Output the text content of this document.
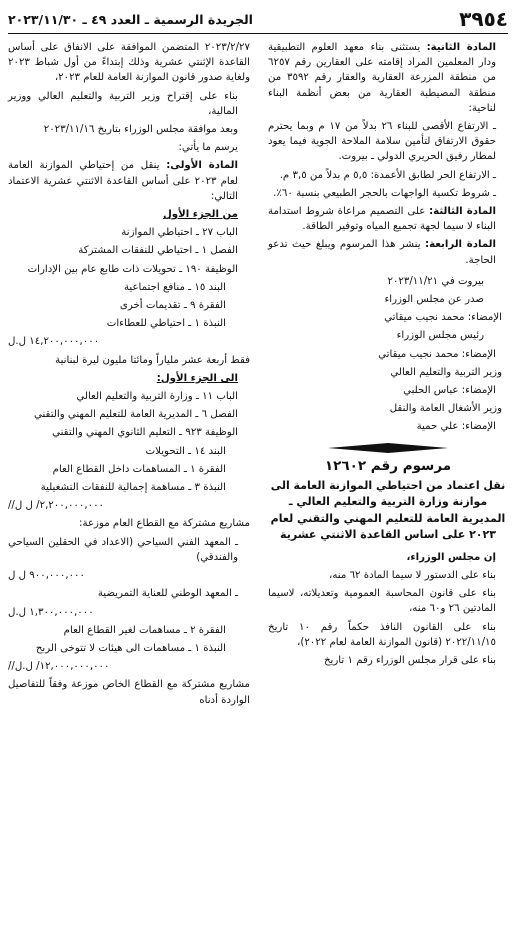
٣٩٥٤
الجريدة الرسمية ـ العدد ٤٩ ـ ٢٠٢٣/١١/٣٠

المادة الثانية: يستثنى بناء معهد العلوم التطبيقية ودار المعلمين المراد إقامته على العقارين رقم ٦٢٥٧ من منطقة المزرعة العقارية والعقار رقم ٣٥٩٢ من منطقة المصيطبة العقارية من بعض أنظمة البناء لناحية:

ـ الارتفاع الأقصى للبناء ٢٦ بدلاً من ١٧ م وبما يحترم حقوق الارتفاق لتأمين سلامة الملاحة الجوية فيما يعود لمطار رفيق الحريري الدولي ـ بيروت.

ـ الارتفاع الحر لطابق الأعمدة: ٥,٥ م بدلاً من ٣,٥ م.

ـ شروط تكسية الواجهات بالحجر الطبيعي بنسبة ٦٠٪.

المادة الثالثة: على التصميم مراعاة شروط استدامة البناء لا سيما لجهة تجميع المياه وتوفير الطاقة.

المادة الرابعة: ينشر هذا المرسوم ويبلغ حيث تدعو الحاجة.

بيروت في ٢٠٢٣/١١/٢١

صدر عن مجلس الوزراء

الإمضاء: محمد نجيب ميقاتي

رئيس مجلس الوزراء

الإمضاء: محمد نجيب ميقاتي

وزير التربية والتعليم العالي

الإمضاء: عباس الحلبي

وزير الأشغال العامة والنقل

الإمضاء: علي حمية

مرسوم رقم ١٢٦٠٢
نقل اعتماد من احتياطي الموازنة العامة الى موازنة وزارة التربية والتعليم العالي ـ المديرية العامة للتعليم المهني والتقني لعام ٢٠٢٣ على اساس القاعدة الاثنتي عشرية

إن مجلس الوزراء،

بناء على الدستور لا سيما المادة ٦٢ منه،

بناء على قانون المحاسبة العمومية وتعديلاته، لاسيما المادتين ٢٦ و٦٠ منه،

بناء على القانون النافذ حكماً رقم ١٠ تاريخ ٢٠٢٢/١١/١٥ (قانون الموازنة العامة لعام ٢٠٢٢)،

بناء على قرار مجلس الوزراء رقم ١ تاريخ

٢٠٢٣/٢/٢٧ المتضمن الموافقة على الانفاق على أساس القاعدة الإثنتي عشرية وذلك إبتداءً من أول شباط ٢٠٢٣ ولغاية صدور قانون الموازنة العامة للعام ٢٠٢٣،

بناء على إقتراح وزير التربية والتعليم العالي ووزير المالية،

وبعد موافقة مجلس الوزراء بتاريخ ٢٠٢٣/١١/١٦

يرسم ما يأتي:

المادة الأولى: ينقل من إحتياطي الموازنة العامة لعام ٢٠٢٣ على أساس القاعدة الاثنتي عشرية الاعتماد التالي:

من الجزء الأول

الباب ٢٧ ـ احتياطي الموازنة

الفصل ١ ـ احتياطي للنفقات المشتركة

الوظيفة ١٩٠ ـ تحويلات ذات طابع عام بين الإدارات

البند ١٥ ـ منافع اجتماعية

الفقرة ٩ ـ تقديمات أخرى

النبذة ١ ـ احتياطي للعطاءات

١٤,٢٠٠,٠٠٠,٠٠٠ ل.ل

فقط أربعة عشر ملياراً ومائتا مليون ليرة لبنانية

الى الجزء الأول:

الباب ١١ ـ وزارة التربية والتعليم العالي

الفصل ٦ ـ المديرية العامة للتعليم المهني والتقني

الوظيفة ٩٢٣ ـ التعليم الثانوي المهني والتقني

البند ١٤ ـ التحويلات

الفقرة ١ ـ المساهمات داخل القطاع العام

النبذة ٣ ـ مساهمة إجمالية للنفقات التشغيلية

//٢,٢٠٠,٠٠٠,٠٠٠/ ل ل

مشاريع مشتركة مع القطاع العام موزعة:

ـ المعهد الفني السياحي (الاعداد في الحقلين السياحي والفندقي)

٩٠٠,٠٠٠,٠٠٠ ل ل

ـ المعهد الوطني للعناية التمريضية

١,٣٠٠,٠٠٠,٠٠٠ ل.ل

الفقرة ٢ ـ مساهمات لغير القطاع العام

النبذة ١ ـ مساهمات الى هيئات لا تتوخى الربح

//١٢,٠٠٠,٠٠٠,٠٠٠/ ل.ل

مشاريع مشتركة مع القطاع الخاص موزعة وفقاً للتفاصيل الواردة أدناه
